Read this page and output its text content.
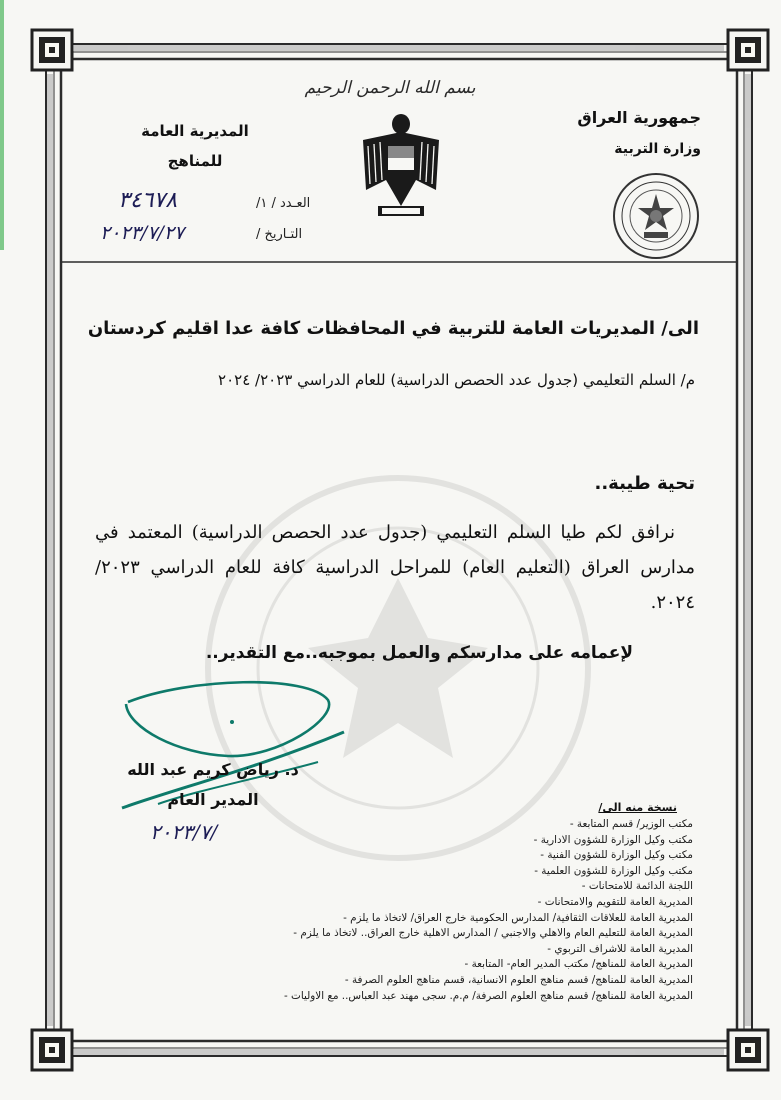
بسم الله الرحمن الرحيم
جمهورية العراق
وزارة التربية
المديرية العامة
للمناهج
العـدد / ١/
٣٤٦٧٨
التـاريخ /
٢٠٢٣/٧/٢٧
الى/ المديريات العامة للتربية في المحافظات كافة عدا اقليم كردستان
م/ السلم التعليمي (جدول عدد الحصص الدراسية) للعام الدراسي ٢٠٢٣/ ٢٠٢٤
تحية طيبة..
نرافق لكم طيا السلم التعليمي (جدول عدد الحصص الدراسية) المعتمد في مدارس العراق (التعليم العام) للمراحل الدراسية كافة للعام الدراسي ٢٠٢٣/ ٢٠٢٤.
لإعمامه على مدارسكم والعمل بموجبه..مع التقدير..
د. رياض كريم عبد الله
المدير العام
٢٠٢٣/٧/
نسخة منه الى/
مكتب الوزير/ قسم المتابعة -
مكتب وكيل الوزارة للشؤون الادارية -
مكتب وكيل الوزارة للشؤون الفنية -
مكتب وكيل الوزارة للشؤون العلمية -
اللجنة الدائمة للامتحانات -
المديرية العامة للتقويم والامتحانات -
المديرية العامة للعلاقات الثقافية/ المدارس الحكومية خارج العراق/ لاتخاذ ما يلزم -
المديرية العامة للتعليم العام والاهلي والاجنبي / المدارس الاهلية خارج العراق.. لاتخاذ ما يلزم -
المديرية العامة للاشراف التربوي -
المديرية العامة للمناهج/ مكتب المدير العام- المتابعة -
المديرية العامة للمناهج/ قسم مناهج العلوم الانسانية، قسم مناهج العلوم الصرفة -
المديرية العامة للمناهج/ قسم مناهج العلوم الصرفة/ م.م. سجى مهند عبد العباس.. مع الاوليات -
